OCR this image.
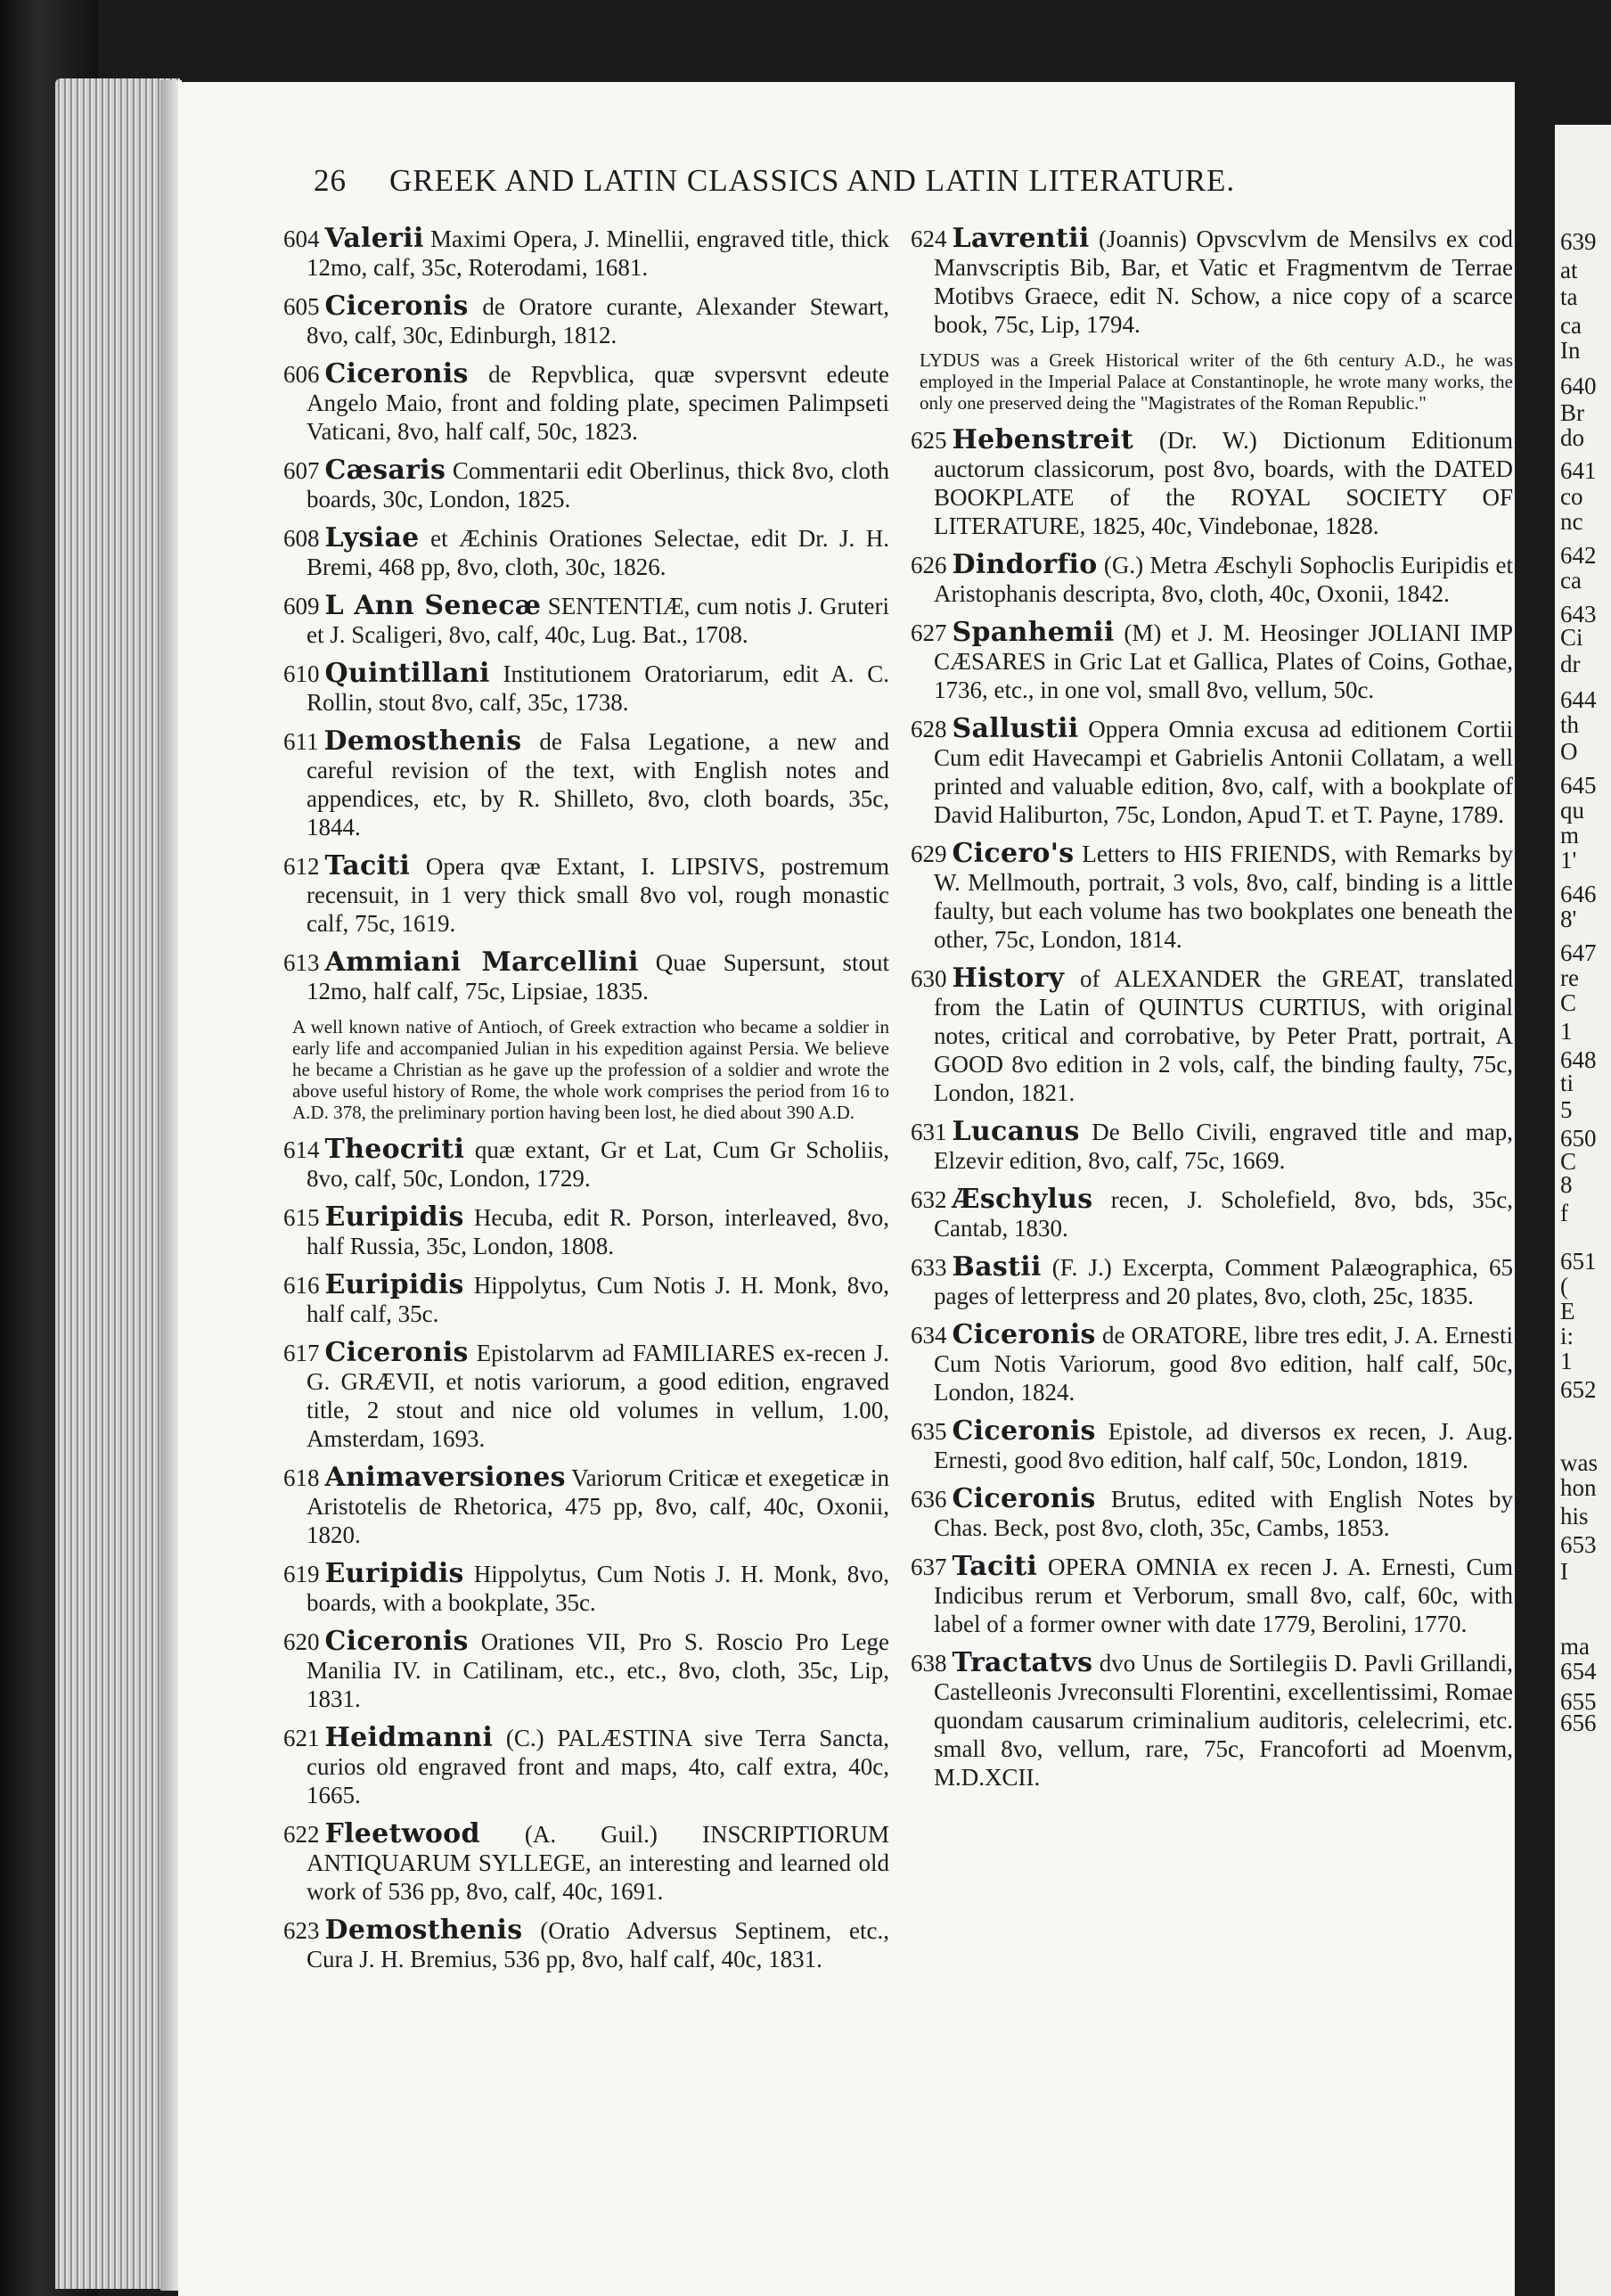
26 GREEK AND LATIN CLASSICS AND LATIN LITERATURE.

604 Valerii Maximi Opera, J. Minellii, engraved title, thick 12mo, calf, 35c, Roterodami, 1681.

605 Ciceronis de Oratore curante, Alexander Stewart, 8vo, calf, 30c, Edinburgh, 1812.

606 Ciceronis de Repvblica, quæ svpersvnt edeute Angelo Maio, front and folding plate, specimen Palimpseti Vaticani, 8vo, half calf, 50c, 1823.

607 Cæsaris Commentarii edit Oberlinus, thick 8vo, cloth boards, 30c, London, 1825.

608 Lysiae et Æchinis Orationes Selectae, edit Dr. J. H. Bremi, 468 pp, 8vo, cloth, 30c, 1826.

609 L Ann Senecæ SENTENTIÆ, cum notis J. Gruteri et J. Scaligeri, 8vo, calf, 40c, Lug. Bat., 1708.

610 Quintillani Institutionem Oratoriarum, edit A. C. Rollin, stout 8vo, calf, 35c, 1738.

611 Demosthenis de Falsa Legatione, a new and careful revision of the text, with English notes and appendices, etc, by R. Shilleto, 8vo, cloth boards, 35c, 1844.

612 Taciti Opera qvæ Extant, I. LIPSIVS, postremum recensuit, in 1 very thick small 8vo vol, rough monastic calf, 75c, 1619.

613 Ammiani Marcellini Quae Supersunt, stout 12mo, half calf, 75c, Lipsiae, 1835.

A well known native of Antioch, of Greek extraction who became a soldier in early life and accompanied Julian in his expedition against Persia. We believe he became a Christian as he gave up the profession of a soldier and wrote the above useful history of Rome, the whole work comprises the period from 16 to A.D. 378, the preliminary portion having been lost, he died about 390 A.D.

614 Theocriti quæ extant, Gr et Lat, Cum Gr Scholiis, 8vo, calf, 50c, London, 1729.

615 Euripidis Hecuba, edit R. Porson, interleaved, 8vo, half Russia, 35c, London, 1808.

616 Euripidis Hippolytus, Cum Notis J. H. Monk, 8vo, half calf, 35c.

617 Ciceronis Epistolarvm ad FAMILIARES ex-recen J. G. GRÆVII, et notis variorum, a good edition, engraved title, 2 stout and nice old volumes in vellum, 1.00, Amsterdam, 1693.

618 Animaversiones Variorum Criticæ et exegeticæ in Aristotelis de Rhetorica, 475 pp, 8vo, calf, 40c, Oxonii, 1820.

619 Euripidis Hippolytus, Cum Notis J. H. Monk, 8vo, boards, with a bookplate, 35c.

620 Ciceronis Orationes VII, Pro S. Roscio Pro Lege Manilia IV. in Catilinam, etc., etc., 8vo, cloth, 35c, Lip, 1831.

621 Heidmanni (C.) PALÆSTINA sive Terra Sancta, curios old engraved front and maps, 4to, calf extra, 40c, 1665.

622 Fleetwood (A. Guil.) INSCRIPTIORUM ANTIQUARUM SYLLEGE, an interesting and learned old work of 536 pp, 8vo, calf, 40c, 1691.

623 Demosthenis (Oratio Adversus Septinem, etc., Cura J. H. Bremius, 536 pp, 8vo, half calf, 40c, 1831.

624 Lavrentii (Joannis) Opvscvlvm de Mensilvs ex cod Manvscriptis Bib, Bar, et Vatic et Fragmentvm de Terrae Motibvs Graece, edit N. Schow, a nice copy of a scarce book, 75c, Lip, 1794.

LYDUS was a Greek Historical writer of the 6th century A.D., he was employed in the Imperial Palace at Constantinople, he wrote many works, the only one preserved deing the "Magistrates of the Roman Republic."

625 Hebenstreit (Dr. W.) Dictionum Editionum auctorum classicorum, post 8vo, boards, with the DATED BOOKPLATE of the ROYAL SOCIETY OF LITERATURE, 1825, 40c, Vindebonae, 1828.

626 Dindorfio (G.) Metra Æschyli Sophoclis Euripidis et Aristophanis descripta, 8vo, cloth, 40c, Oxonii, 1842.

627 Spanhemii (M) et J. M. Heosinger JOLIANI IMP CÆSARES in Gric Lat et Gallica, Plates of Coins, Gothae, 1736, etc., in one vol, small 8vo, vellum, 50c.

628 Sallustii Oppera Omnia excusa ad editionem Cortii Cum edit Havecampi et Gabrielis Antonii Collatam, a well printed and valuable edition, 8vo, calf, with a bookplate of David Haliburton, 75c, London, Apud T. et T. Payne, 1789.

629 Cicero's Letters to HIS FRIENDS, with Remarks by W. Mellmouth, portrait, 3 vols, 8vo, calf, binding is a little faulty, but each volume has two bookplates one beneath the other, 75c, London, 1814.

630 History of ALEXANDER the GREAT, translated from the Latin of QUINTUS CURTIUS, with original notes, critical and corrobative, by Peter Pratt, portrait, A GOOD 8vo edition in 2 vols, calf, the binding faulty, 75c, London, 1821.

631 Lucanus De Bello Civili, engraved title and map, Elzevir edition, 8vo, calf, 75c, 1669.

632 Æschylus recen, J. Scholefield, 8vo, bds, 35c, Cantab, 1830.

633 Bastii (F. J.) Excerpta, Comment Palæographica, 65 pages of letterpress and 20 plates, 8vo, cloth, 25c, 1835.

634 Ciceronis de ORATORE, libre tres edit, J. A. Ernesti Cum Notis Variorum, good 8vo edition, half calf, 50c, London, 1824.

635 Ciceronis Epistole, ad diversos ex recen, J. Aug. Ernesti, good 8vo edition, half calf, 50c, London, 1819.

636 Ciceronis Brutus, edited with English Notes by Chas. Beck, post 8vo, cloth, 35c, Cambs, 1853.

637 Taciti OPERA OMNIA ex recen J. A. Ernesti, Cum Indicibus rerum et Verborum, small 8vo, calf, 60c, with label of a former owner with date 1779, Berolini, 1770.

638 Tractatvs dvo Unus de Sortilegiis D. Pavli Grillandi, Castelleonis Jvreconsulti Florentini, excellentissimi, Romae quondam causarum criminalium auditoris, celelecrimi, etc. small 8vo, vellum, rare, 75c, Francoforti ad Moenvm, M.D.XCII.

639
at
ta
ca
In
640
Br
do
641
co
nc
642
ca
643
Ci
dr
644
th
O
645
qu
m
1'
646
8'
647
re
C
1
648
ti
5
650
C
8
f
651
(
E
i:
1
652
was
hon
his
653
I
ma
654
655
656
